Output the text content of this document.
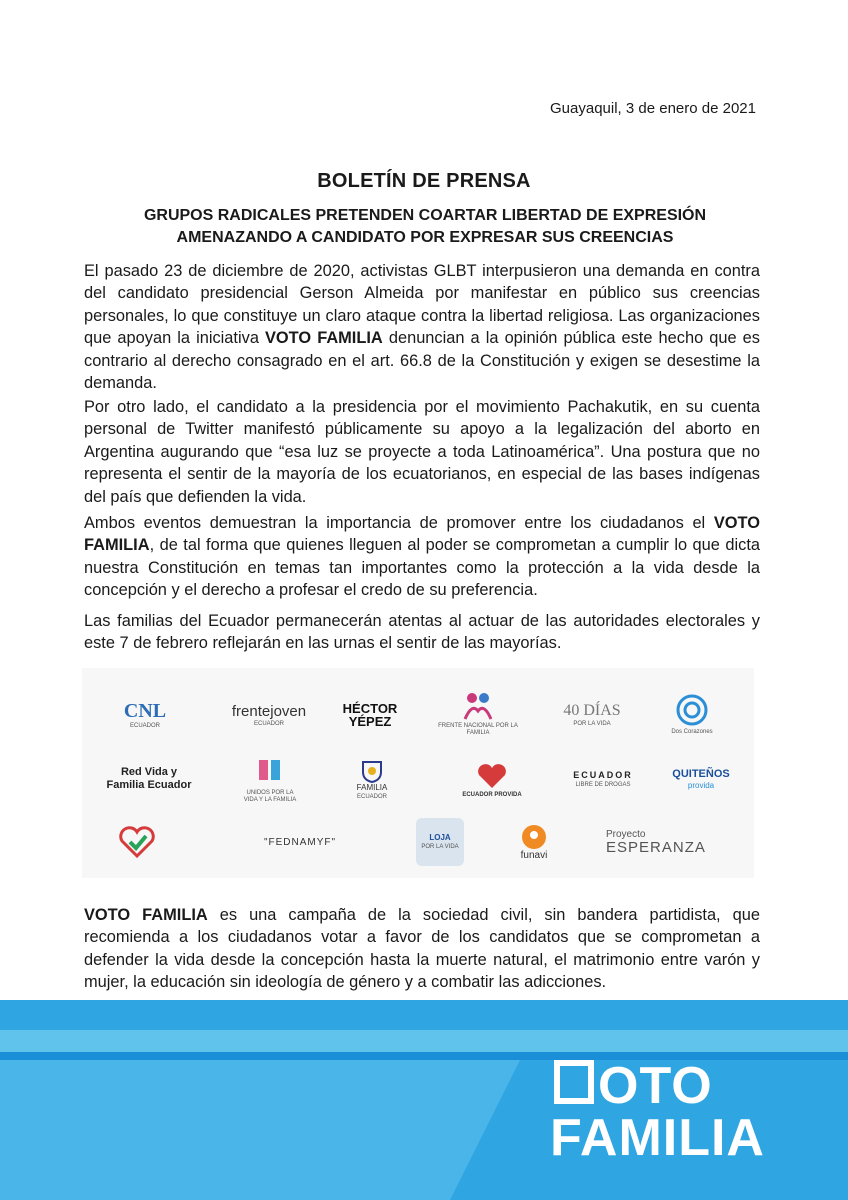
Guayaquil, 3 de enero de 2021
BOLETÍN DE PRENSA
GRUPOS RADICALES PRETENDEN COARTAR LIBERTAD DE EXPRESIÓN
AMENAZANDO A CANDIDATO POR EXPRESAR SUS CREENCIAS
El pasado 23 de diciembre de 2020, activistas GLBT interpusieron una demanda en contra del candidato presidencial Gerson Almeida por manifestar en público sus creencias personales, lo que constituye un claro ataque contra la libertad religiosa. Las organizaciones que apoyan la iniciativa VOTO FAMILIA denuncian a la opinión pública este hecho que es contrario al derecho consagrado en el art. 66.8 de la Constitución y exigen se desestime la demanda.
Por otro lado, el candidato a la presidencia por el movimiento Pachakutik, en su cuenta personal de Twitter manifestó públicamente su apoyo a la legalización del aborto en Argentina augurando que “esa luz se proyecte a toda Latinoamérica”. Una postura que no representa el sentir de la mayoría de los ecuatorianos, en especial de las bases indígenas del país que defienden la vida.
Ambos eventos demuestran la importancia de promover entre los ciudadanos el VOTO FAMILIA, de tal forma que quienes lleguen al poder se comprometan a cumplir lo que dicta nuestra Constitución en temas tan importantes como la protección a la vida desde la concepción y el derecho a profesar el credo de su preferencia.
Las familias del Ecuador permanecerán atentas al actuar de las autoridades electorales y este 7 de febrero reflejarán en las urnas el sentir de las mayorías.
CNL
ECUADOR
frentejoven
ECUADOR
HÉCTOR
YÉPEZ	FRENTE NACIONAL POR LA FAMILIA
40 DÍAS
POR LA VIDA
Dos Corazones
Red Vida y Familia Ecuador
UNIDOS POR LA VIDA Y LA FAMILIA
FAMILIA
ECUADOR	ECUADOR PROVIDA
ECUADOR
LIBRE DE DROGAS
QUITEÑOS
provida
"FEDNAMYF"	LOJA
POR LA VIDA
funavi
Proyecto
ESPERANZA
VOTO FAMILIA es una campaña de la sociedad civil, sin bandera partidista, que recomienda a los ciudadanos votar a favor de los candidatos que se comprometan a defender la vida desde la concepción hasta la muerte natural, el matrimonio entre varón y mujer, la educación sin ideología de género y a combatir las adicciones.
OTO
FAMILIA
